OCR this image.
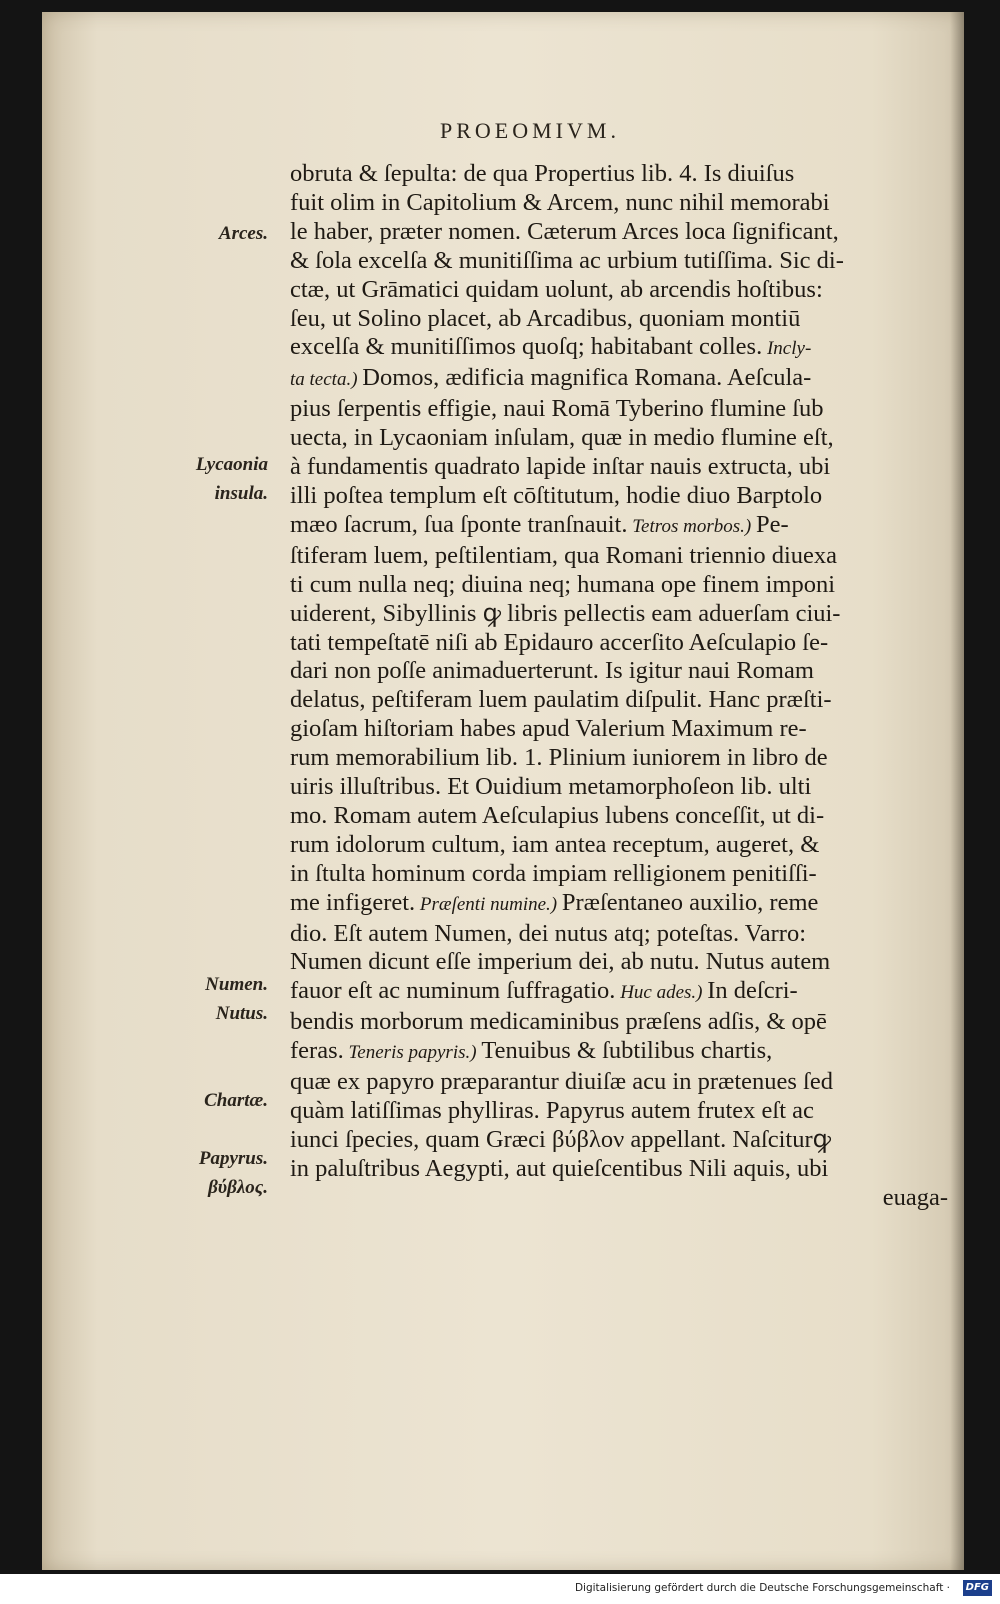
PROEOMIVM.
obruta & ſepulta: de qua Propertius lib. 4. Is diuiſus
fuit olim in Capitolium & Arcem, nunc nihil memorabi
le haber, præter nomen. Cæterum Arces loca ſignificant,
& ſola excelſa & munitiſſima ac urbium tutiſſima. Sic di-
ctæ, ut Grāmatici quidam uolunt, ab arcendis hoſtibus:
ſeu, ut Solino placet, ab Arcadibus, quoniam montiū
excelſa & munitiſſimos quoſq; habitabant colles. Incly-
ta tecta.) Domos, ædificia magnifica Romana. Aeſcula-
pius ſerpentis effigie, naui Romā Tyberino flumine ſub
uecta, in Lycaoniam inſulam, quæ in medio flumine eſt,
à fundamentis quadrato lapide inſtar nauis extructa, ubi
illi poſtea templum eſt cōſtitutum, hodie diuo Barptolo
mæo ſacrum, ſua ſponte tranſnauit. Tetros morbos.) Pe-
ſtiferam luem, peſtilentiam, qua Romani triennio diuexa
ti cum nulla neq; diuina neq; humana ope finem imponi
uiderent, Sibyllinis ꝙ libris pellectis eam aduerſam ciui-
tati tempeſtatē niſi ab Epidauro accerſito Aeſculapio ſe-
dari non poſſe animaduerterunt. Is igitur naui Romam
delatus, peſtiferam luem paulatim diſpulit. Hanc præſti-
gioſam hiſtoriam habes apud Valerium Maximum re-
rum memorabilium lib. 1. Plinium iuniorem in libro de
uiris illuſtribus. Et Ouidium metamorphoſeon lib. ulti
mo. Romam autem Aeſculapius lubens conceſſit, ut di-
rum idolorum cultum, iam antea receptum, augeret, &
in ſtulta hominum corda impiam relligionem penitiſſi-
me infigeret. Præſenti numine.) Præſentaneo auxilio, reme
dio. Eſt autem Numen, dei nutus atq; poteſtas. Varro:
Numen dicunt eſſe imperium dei, ab nutu. Nutus autem
fauor eſt ac numinum ſuffragatio. Huc ades.) In deſcri-
bendis morborum medicaminibus præſens adſis, & opē
feras. Teneris papyris.) Tenuibus & ſubtilibus chartis,
quæ ex papyro præparantur diuiſæ acu in prætenues ſed
quàm latiſſimas phylliras. Papyrus autem frutex eſt ac
iunci ſpecies, quam Græci βύβλον appellant. Naſciturꝙ
in paluſtribus Aegypti, aut quieſcentibus Nili aquis, ubi
euaga-
Arces.
Lycaonia
insula.
Numen.
Nutus.
Chartæ.
Papyrus.
βύβλος.
Digitalisierung gefördert durch die Deutsche Forschungsgemeinschaft ·	DFG
